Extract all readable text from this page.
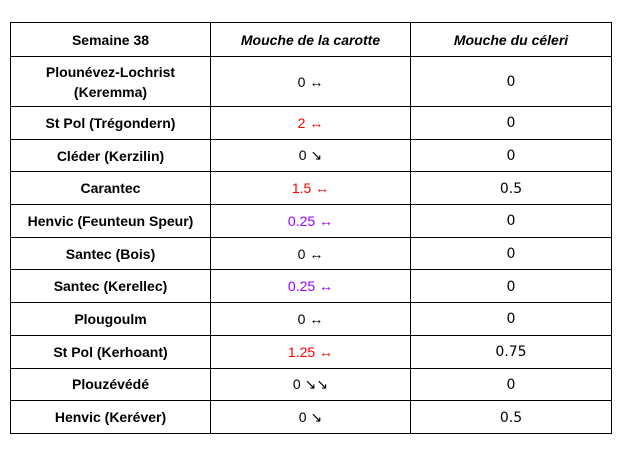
Semaine 38	Mouche de la carotte	Mouche du céleri
Plounévez-Lochrist (Keremma)	0 ↔	0
St Pol (Trégondern)	2 ↔	0
Cléder (Kerzilin)	0 ↘	0
Carantec	1.5 ↔	0.5
Henvic (Feunteun Speur)	0.25 ↔	0
Santec (Bois)	0 ↔	0
Santec (Kerellec)	0.25 ↔	0
Plougoulm	0 ↔	0
St Pol (Kerhoant)	1.25 ↔	0.75
Plouzévédé	0 ↘↘	0
Henvic (Keréver)	0 ↘	0.5
